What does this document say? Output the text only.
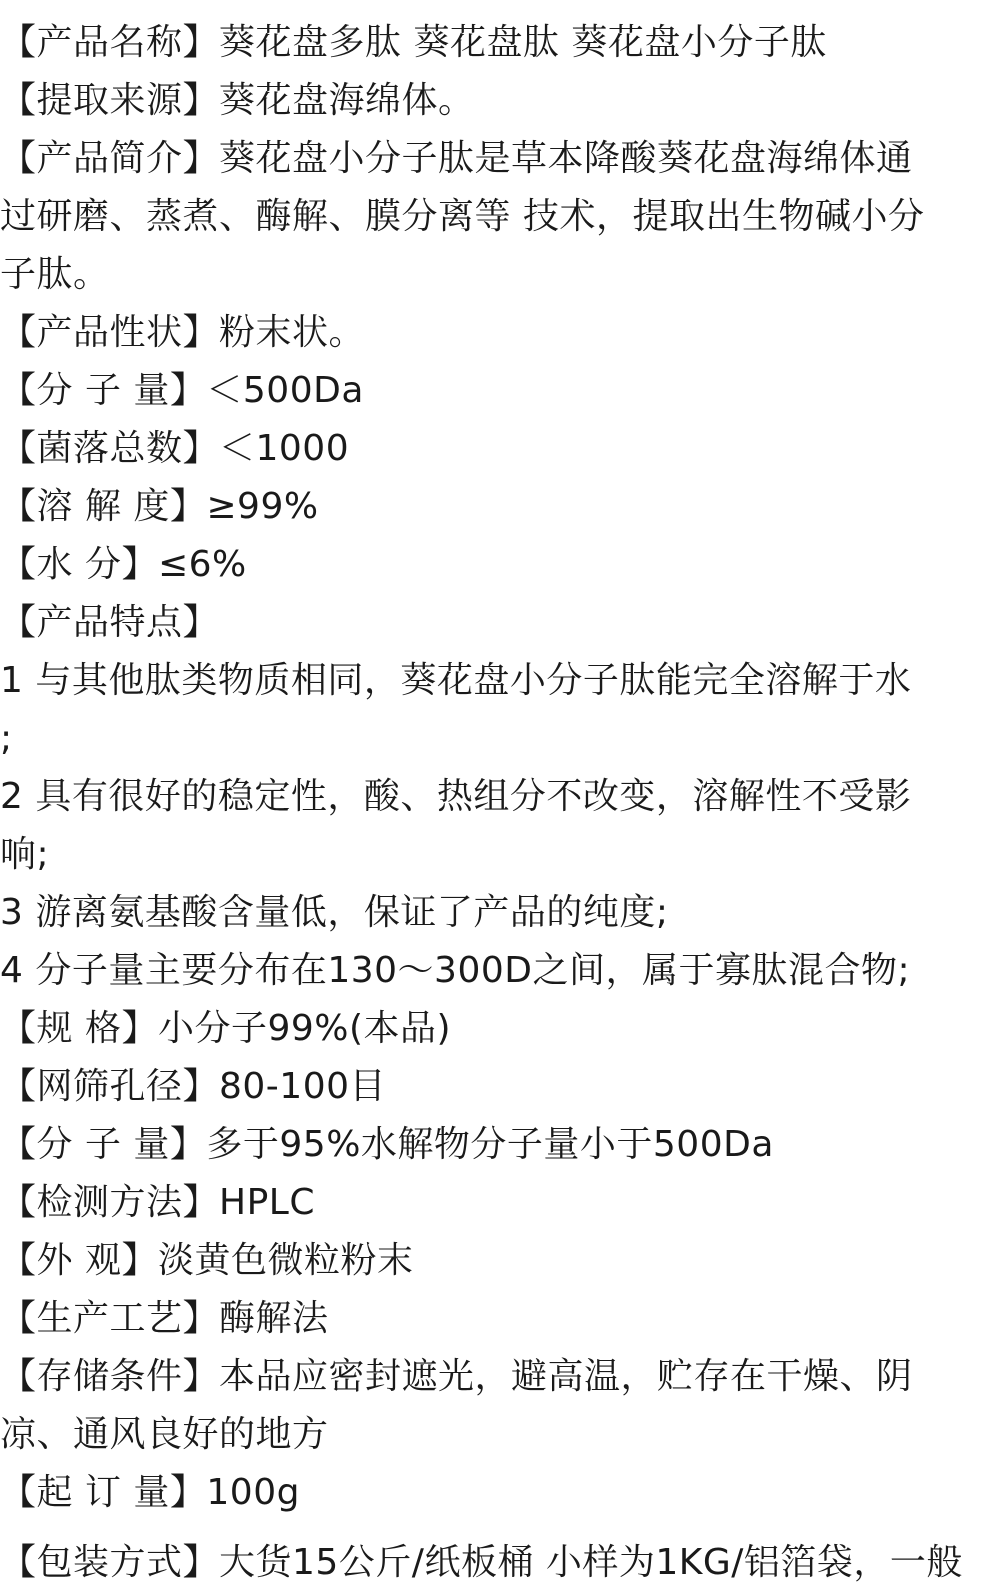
【产品名称】葵花盘多肽 葵花盘肽 葵花盘小分子肽
【提取来源】葵花盘海绵体。
【产品简介】葵花盘小分子肽是草本降酸葵花盘海绵体通
过研磨、蒸煮、酶解、膜分离等 技术，提取出生物碱小分
子肽。
【产品性状】粉末状。
【分 子 量】＜500Da
【菌落总数】＜1000
【溶 解 度】≥99%
【水 分】≤6%
【产品特点】
1 与其他肽类物质相同，葵花盘小分子肽能完全溶解于水
;
2 具有很好的稳定性，酸、热组分不改变，溶解性不受影
响;
3 游离氨基酸含量低，保证了产品的纯度;
4 分子量主要分布在130～300D之间，属于寡肽混合物;
【规 格】小分子99%(本品)
【网筛孔径】80-100目
【分 子 量】多于95%水解物分子量小于500Da
【检测方法】HPLC
【外 观】淡黄色微粒粉末
【生产工艺】酶解法
【存储条件】本品应密封遮光，避高温，贮存在干燥、阴
凉、通风良好的地方
【起 订 量】100g
【包装方式】大货15公斤/纸板桶 小样为1KG/铝箔袋，一般
